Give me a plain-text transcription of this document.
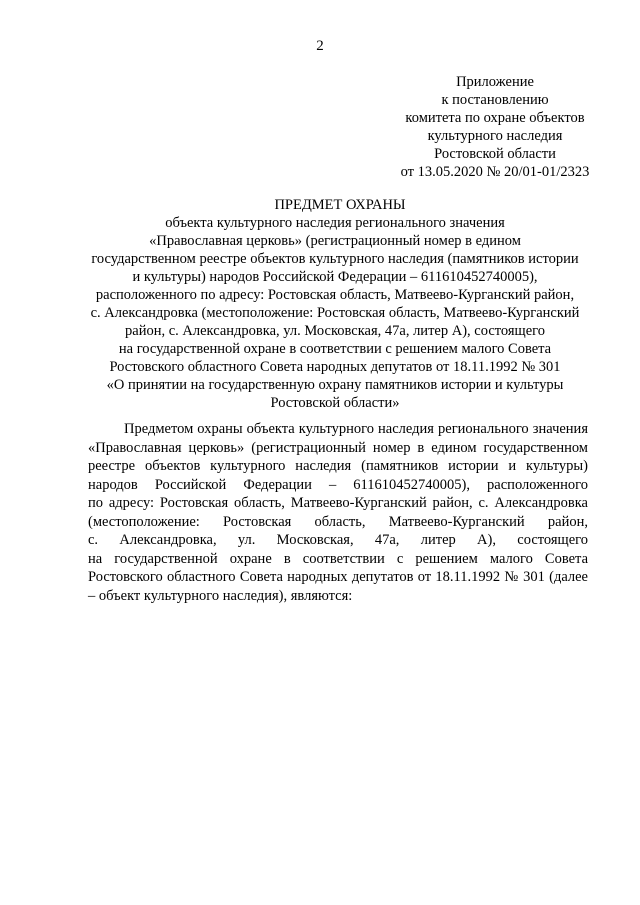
2
Приложение
к постановлению
комитета по охране объектов
культурного наследия
Ростовской области
от 13.05.2020 № 20/01-01/2323
ПРЕДМЕТ ОХРАНЫ
объекта культурного наследия регионального значения
«Православная церковь» (регистрационный номер в едином
государственном реестре объектов культурного наследия (памятников истории
и культуры) народов Российской Федерации – 611610452740005),
расположенного по адресу: Ростовская область, Матвеево-Курганский район,
с. Александровка (местоположение: Ростовская область, Матвеево-Курганский
район, с. Александровка, ул. Московская, 47а, литер А), состоящего
на государственной охране в соответствии с решением малого Совета
Ростовского областного Совета народных депутатов от 18.11.1992 № 301
«О принятии на государственную охрану памятников истории и культуры
Ростовской области»
Предметом охраны объекта культурного наследия регионального значения
«Православная церковь» (регистрационный номер в едином государственном
реестре объектов культурного наследия (памятников истории и культуры)
народов Российской Федерации – 611610452740005), расположенного
по адресу: Ростовская область, Матвеево-Курганский район, с. Александровка
(местоположение: Ростовская область, Матвеево-Курганский район,
с. Александровка, ул. Московская, 47а, литер А), состоящего
на государственной охране в соответствии с решением малого Совета
Ростовского областного Совета народных депутатов от 18.11.1992 № 301 (далее
– объект культурного наследия), являются:
